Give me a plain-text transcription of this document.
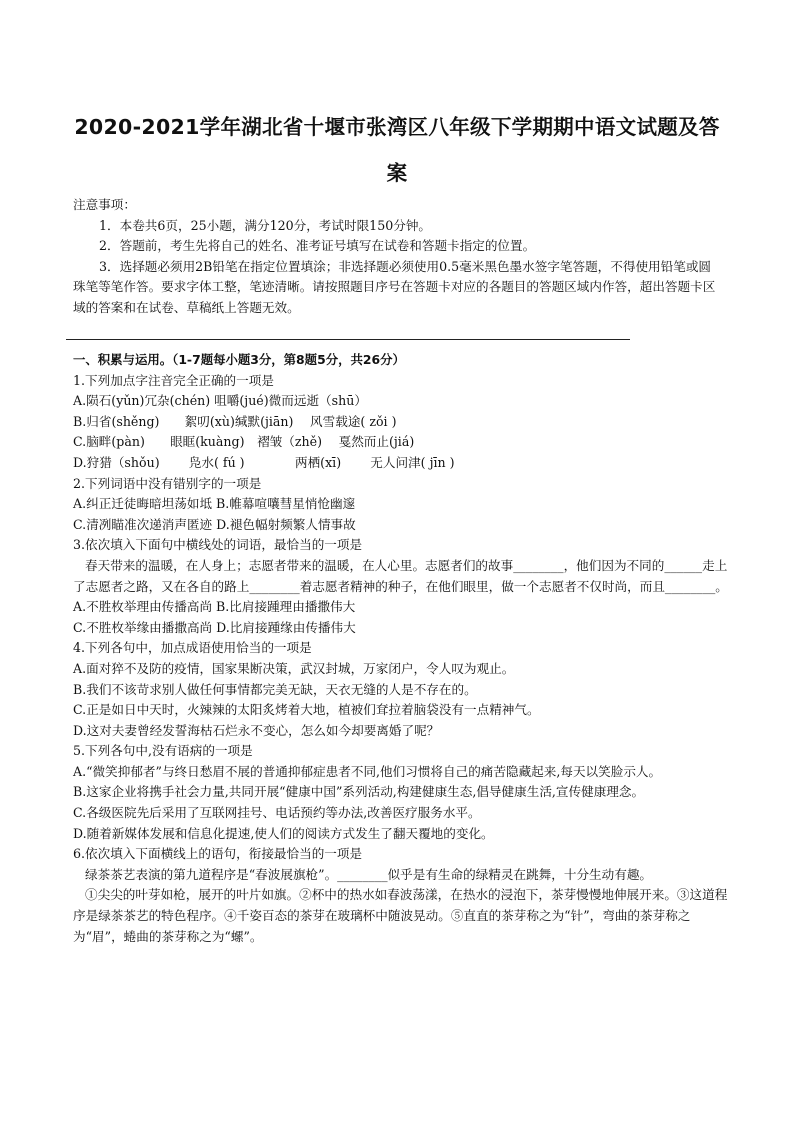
2020-2021学年湖北省十堰市张湾区八年级下学期期中语文试题及答
案

注意事项：

1．本卷共6页，25小题，满分120分，考试时限150分钟。

2．答题前，考生先将自己的姓名、准考证号填写在试卷和答题卡指定的位置。

3．选择题必须用2B铅笔在指定位置填涂；非选择题必须使用0.5毫米黑色墨水签字笔答题，不得使用铅笔或圆珠笔等笔作答。要求字体工整，笔迹清晰。请按照题目序号在答题卡对应的各题目的答题区域内作答，超出答题卡区域的答案和在试卷、草稿纸上答题无效。

一、积累与运用。（1-7题每小题3分，第8题5分，共26分）

1.下列加点字注音完全正确的一项是

A.陨石(yǔn)冗杂(chén) 咀嚼(jué)微而远逝（shū）

B.归省(shěng)　　絮叨(xù)缄默(jiān)　 风雪载途( zǒi )

C.脑畔(pàn)　　眼眶(kuàng)　褶皱（zhě)　 戛然而止(jiá)

D.狩猎（shǒu)　　 凫水( fú )　　　　两栖(xī)　　 无人问津( jīn )

2.下列词语中没有错别字的一项是

A.纠正迁徒晦暗坦荡如坻 B.帷幕喧嚷彗星悄怆幽邃

C.清冽瞄准次递消声匿迹 D.褪色幅射频繁人情事故

3.依次填入下面句中横线处的词语，最恰当的一项是

春天带来的温暖，在人身上；志愿者带来的温暖，在人心里。志愿者们的故事________，他们因为不同的______走上了志愿者之路，又在各自的路上________着志愿者精神的种子，在他们眼里，做一个志愿者不仅时尚，而且________。

A.不胜枚举理由传播高尚 B.比肩接踵理由播撒伟大

C.不胜枚举缘由播撒高尚 D.比肩接踵缘由传播伟大

4.下列各句中，加点成语使用恰当的一项是

A.面对猝不及防的疫情，国家果断决策，武汉封城，万家闭户，令人叹为观止。

B.我们不该苛求别人做任何事情都完美无缺，天衣无缝的人是不存在的。

C.正是如日中天时，火辣辣的太阳炙烤着大地，植被们耷拉着脑袋没有一点精神气。

D.这对夫妻曾经发誓海枯石烂永不变心，怎么如今却要离婚了呢？

5.下列各句中,没有语病的一项是

A.“微笑抑郁者”与终日愁眉不展的普通抑郁症患者不同,他们习惯将自己的痛苦隐藏起来,每天以笑脸示人。

B.这家企业将携手社会力量,共同开展“健康中国”系列活动,构建健康生态,倡导健康生活,宣传健康理念。

C.各级医院先后采用了互联网挂号、电话预约等办法,改善医疗服务水平。

D.随着新媒体发展和信息化提速,使人们的阅读方式发生了翻天覆地的变化。

6.依次填入下面横线上的语句，衔接最恰当的一项是

绿茶茶艺表演的第九道程序是“春波展旗枪”。________似乎是有生命的绿精灵在跳舞，十分生动有趣。

①尖尖的叶芽如枪，展开的叶片如旗。②杯中的热水如春波荡漾，在热水的浸泡下，茶芽慢慢地伸展开来。③这道程序是绿茶茶艺的特色程序。④千姿百态的茶芽在玻璃杯中随波晃动。⑤直直的茶芽称之为“针”，弯曲的茶芽称之为“眉”，蜷曲的茶芽称之为“螺”。
